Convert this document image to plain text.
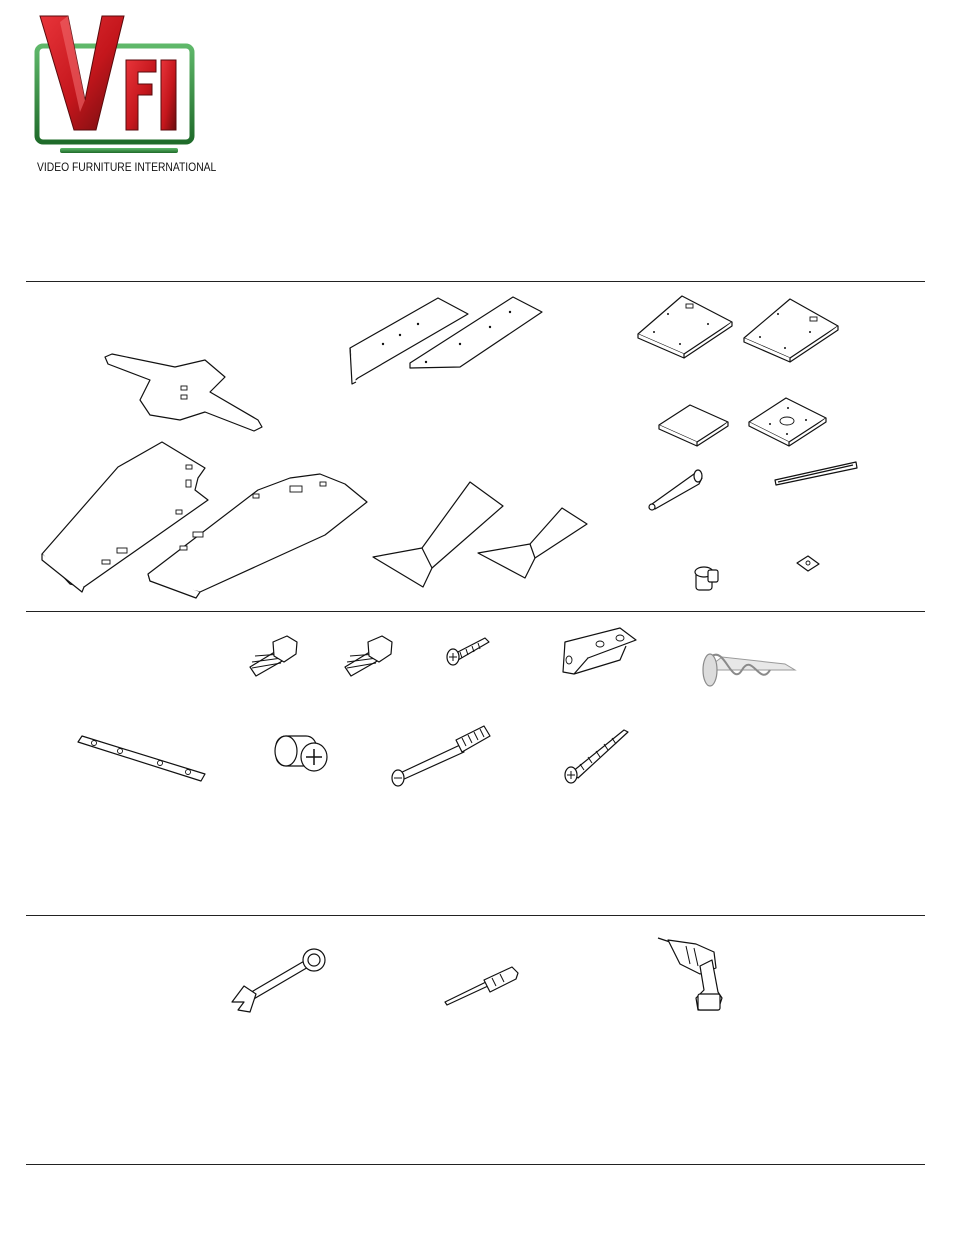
VIDEO FURNITURE INTERNATIONAL
